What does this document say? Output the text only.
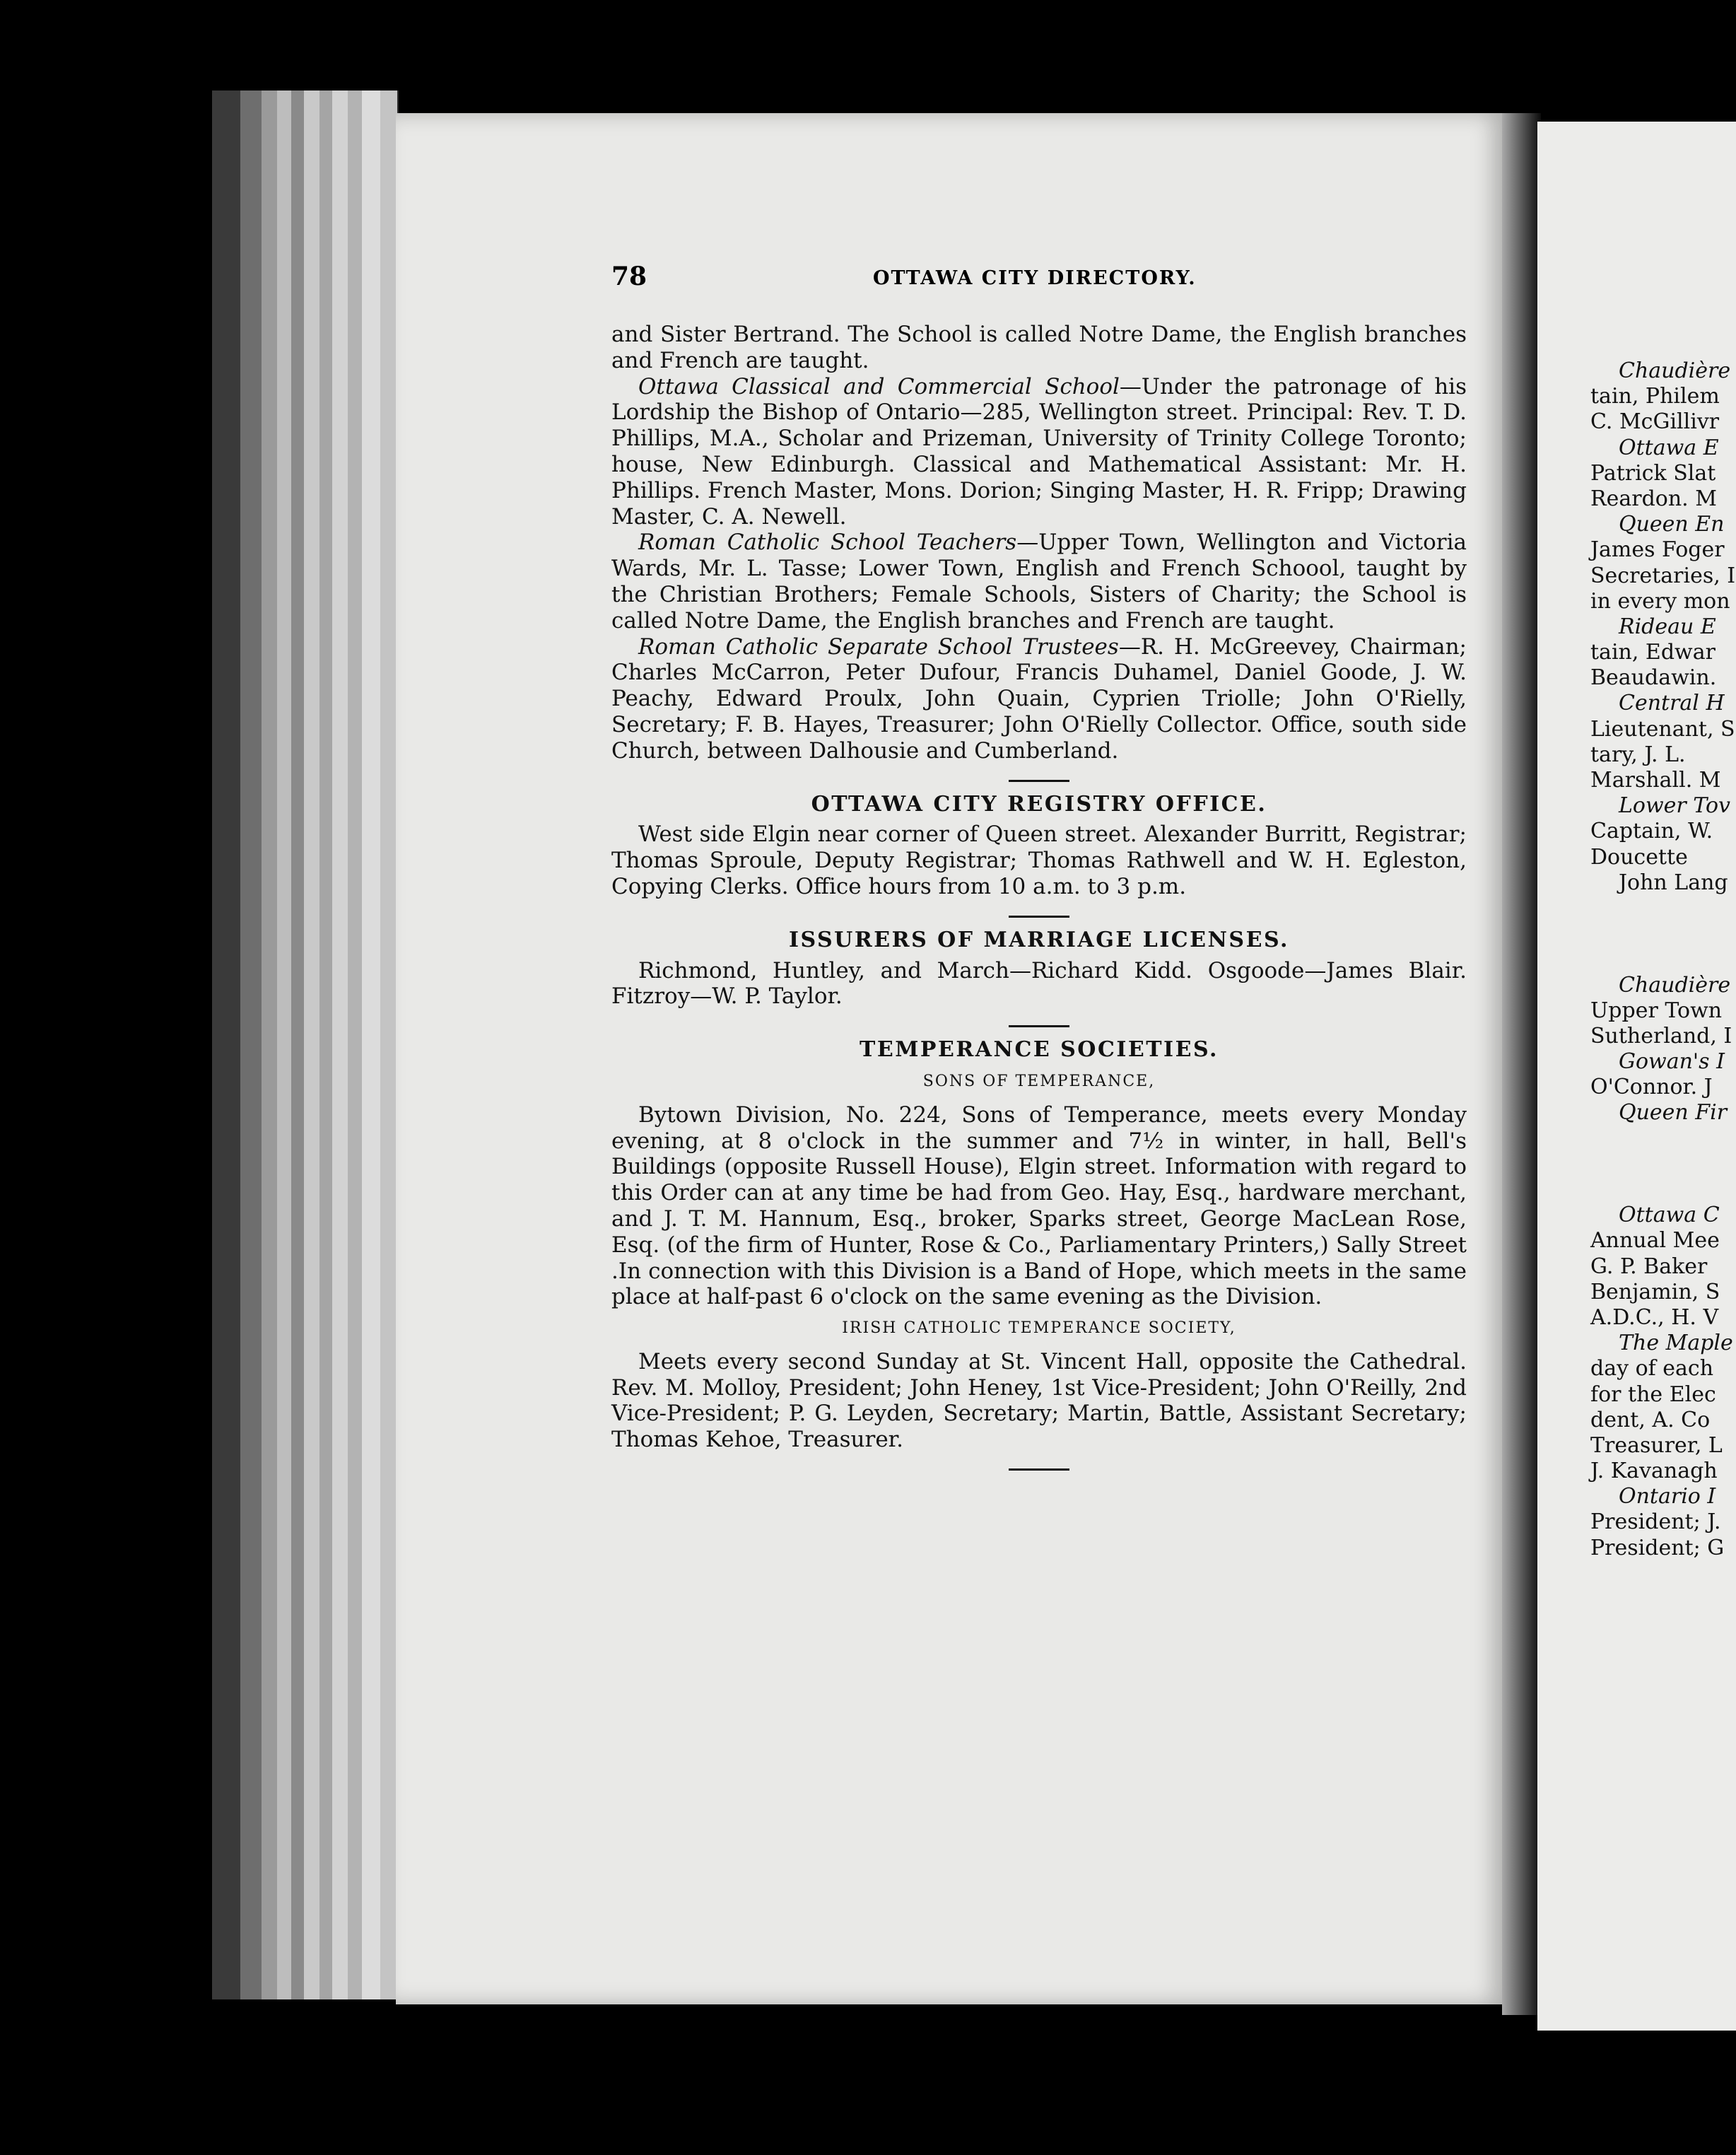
Chaudière
tain, Philem
C. McGillivr
Ottawa E
Patrick Slat
Reardon. M
Queen En
James Foger
Secretaries, I
in every mon
Rideau E
tain, Edwar
Beaudawin.
Central H
Lieutenant, S
tary, J. L.
Marshall. M
Lower Tov
Captain, W.
Doucette
John Lang
Chaudière
Upper Town
Sutherland, I
Gowan's I
O'Connor. J
Queen Fir
Ottawa C
Annual Mee
G. P. Baker
Benjamin, S
A.D.C., H. V
The Maple
day of each
for the Elec
dent, A. Co
Treasurer, L
J. Kavanagh
Ontario I
President; J.
President; G
78	OTTAWA CITY DIRECTORY.

and Sister Bertrand. The School is called Notre Dame, the English branches and French are taught.

Ottawa Classical and Commercial School—Under the patronage of his Lordship the Bishop of Ontario—285, Wellington street. Principal: Rev. T. D. Phillips, M.A., Scholar and Prizeman, University of Trinity College Toronto; house, New Edinburgh. Classical and Mathematical Assistant: Mr. H. Phillips. French Master, Mons. Dorion; Singing Master, H. R. Fripp; Drawing Master, C. A. Newell.

Roman Catholic School Teachers—Upper Town, Wellington and Victoria Wards, Mr. L. Tasse; Lower Town, English and French Schoool, taught by the Christian Brothers; Female Schools, Sisters of Charity; the School is called Notre Dame, the English branches and French are taught.

Roman Catholic Separate School Trustees—R. H. McGreevey, Chairman; Charles McCarron, Peter Dufour, Francis Duhamel, Daniel Goode, J. W. Peachy, Edward Proulx, John Quain, Cyprien Triolle; John O'Rielly, Secretary; F. B. Hayes, Treasurer; John O'Rielly Collector. Office, south side Church, between Dalhousie and Cumberland.

OTTAWA CITY REGISTRY OFFICE.

West side Elgin near corner of Queen street. Alexander Burritt, Registrar; Thomas Sproule, Deputy Registrar; Thomas Rathwell and W. H. Egleston, Copying Clerks. Office hours from 10 a.m. to 3 p.m.

ISSURERS OF MARRIAGE LICENSES.

Richmond, Huntley, and March—Richard Kidd. Osgoode—James Blair. Fitzroy—W. P. Taylor.

TEMPERANCE SOCIETIES.
SONS OF TEMPERANCE,

Bytown Division, No. 224, Sons of Temperance, meets every Monday evening, at 8 o'clock in the summer and 7½ in winter, in hall, Bell's Buildings (opposite Russell House), Elgin street. Information with regard to this Order can at any time be had from Geo. Hay, Esq., hardware merchant, and J. T. M. Hannum, Esq., broker, Sparks street, George MacLean Rose, Esq. (of the firm of Hunter, Rose & Co., Parliamentary Printers,) Sally Street .In connection with this Division is a Band of Hope, which meets in the same place at half-past 6 o'clock on the same evening as the Division.

IRISH CATHOLIC TEMPERANCE SOCIETY,

Meets every second Sunday at St. Vincent Hall, opposite the Cathedral. Rev. M. Molloy, President; John Heney, 1st Vice-President; John O'Reilly, 2nd Vice-President; P. G. Leyden, Secretary; Martin, Battle, Assistant Secretary; Thomas Kehoe, Treasurer.
